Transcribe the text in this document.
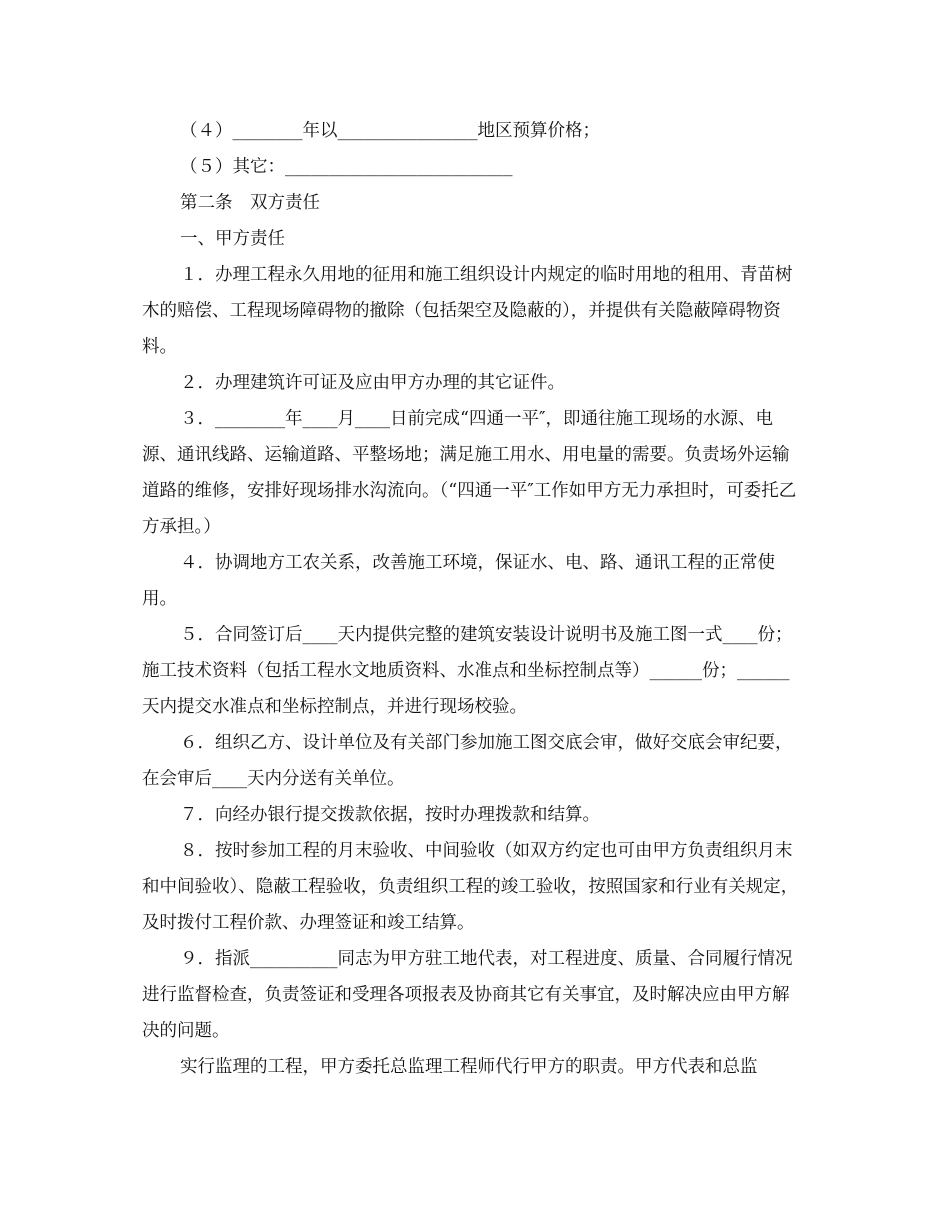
（４）________年以________________地区预算价格；

（５）其它：__________________________

第二条　双方责任

一、甲方责任

１．办理工程永久用地的征用和施工组织设计内规定的临时用地的租用、青苗树木的赔偿、工程现场障碍物的撤除（包括架空及隐蔽的），并提供有关隐蔽障碍物资料。

２．办理建筑许可证及应由甲方办理的其它证件。

３．________年____月____日前完成“四通一平″，即通往施工现场的水源、电源、通讯线路、运输道路、平整场地；满足施工用水、用电量的需要。负责场外运输道路的维修，安排好现场排水沟流向。（“四通一平″工作如甲方无力承担时，可委托乙方承担。）

４．协调地方工农关系，改善施工环境，保证水、电、路、通讯工程的正常使用。

５．合同签订后____天内提供完整的建筑安装设计说明书及施工图一式____份；施工技术资料（包括工程水文地质资料、水准点和坐标控制点等）______份；______天内提交水准点和坐标控制点，并进行现场校验。

６．组织乙方、设计单位及有关部门参加施工图交底会审，做好交底会审纪要，在会审后____天内分送有关单位。

７．向经办银行提交拨款依据，按时办理拨款和结算。

８．按时参加工程的月末验收、中间验收（如双方约定也可由甲方负责组织月末和中间验收）、隐蔽工程验收，负责组织工程的竣工验收，按照国家和行业有关规定，及时拨付工程价款、办理签证和竣工结算。

９．指派__________同志为甲方驻工地代表，对工程进度、质量、合同履行情况进行监督检查，负责签证和受理各项报表及协商其它有关事宜，及时解决应由甲方解决的问题。

实行监理的工程，甲方委托总监理工程师代行甲方的职责。甲方代表和总监
